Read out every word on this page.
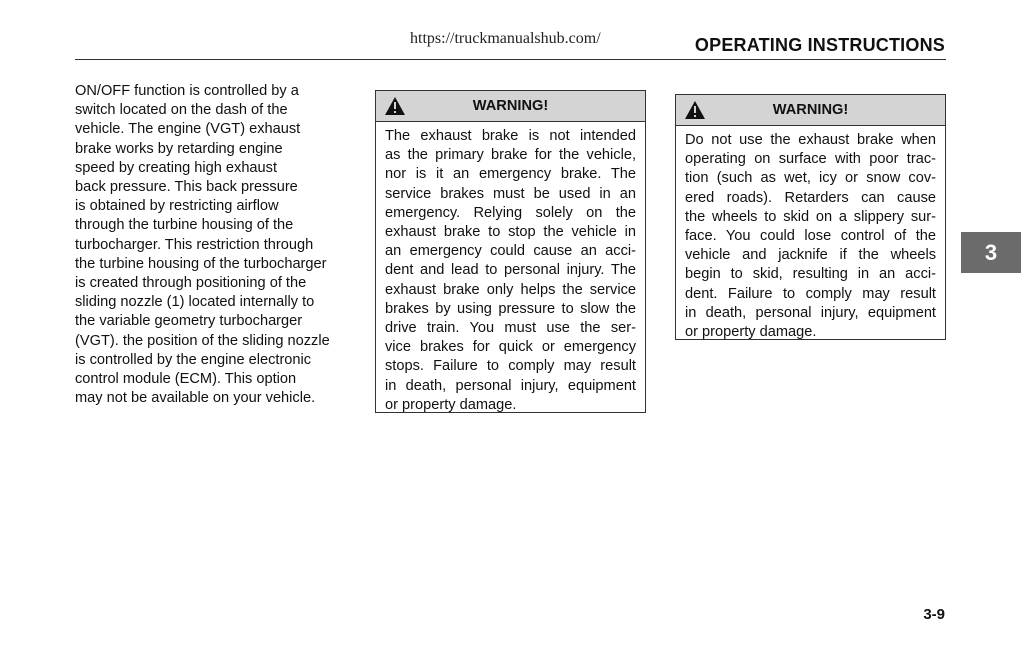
https://truckmanualshub.com/	OPERATING INSTRUCTIONS
ON/OFF function is controlled by a
switch located on the dash of the
vehicle. The engine (VGT) exhaust
brake works by retarding engine
speed by creating high exhaust
back pressure. This back pressure
is obtained by restricting airflow
through the turbine housing of the
turbocharger. This restriction through
the turbine housing of the turbocharger
is created through positioning of the
sliding nozzle (1) located internally to
the variable geometry turbocharger
(VGT). the position of the sliding nozzle
is controlled by the engine electronic
control module (ECM). This option
may not be available on your vehicle.
WARNING!
The exhaust brake is not intended
as the primary brake for the vehicle,
nor is it an emergency brake. The
service brakes must be used in an
emergency. Relying solely on the
exhaust brake to stop the vehicle in
an emergency could cause an acci-
dent and lead to personal injury. The
exhaust brake only helps the service
brakes by using pressure to slow the
drive train. You must use the ser-
vice brakes for quick or emergency
stops. Failure to comply may result
in death, personal injury, equipment
or property damage.
WARNING!
Do not use the exhaust brake when
operating on surface with poor trac-
tion (such as wet, icy or snow cov-
ered roads). Retarders can cause
the wheels to skid on a slippery sur-
face. You could lose control of the
vehicle and jacknife if the wheels
begin to skid, resulting in an acci-
dent. Failure to comply may result
in death, personal injury, equipment
or property damage.
3
3-9
